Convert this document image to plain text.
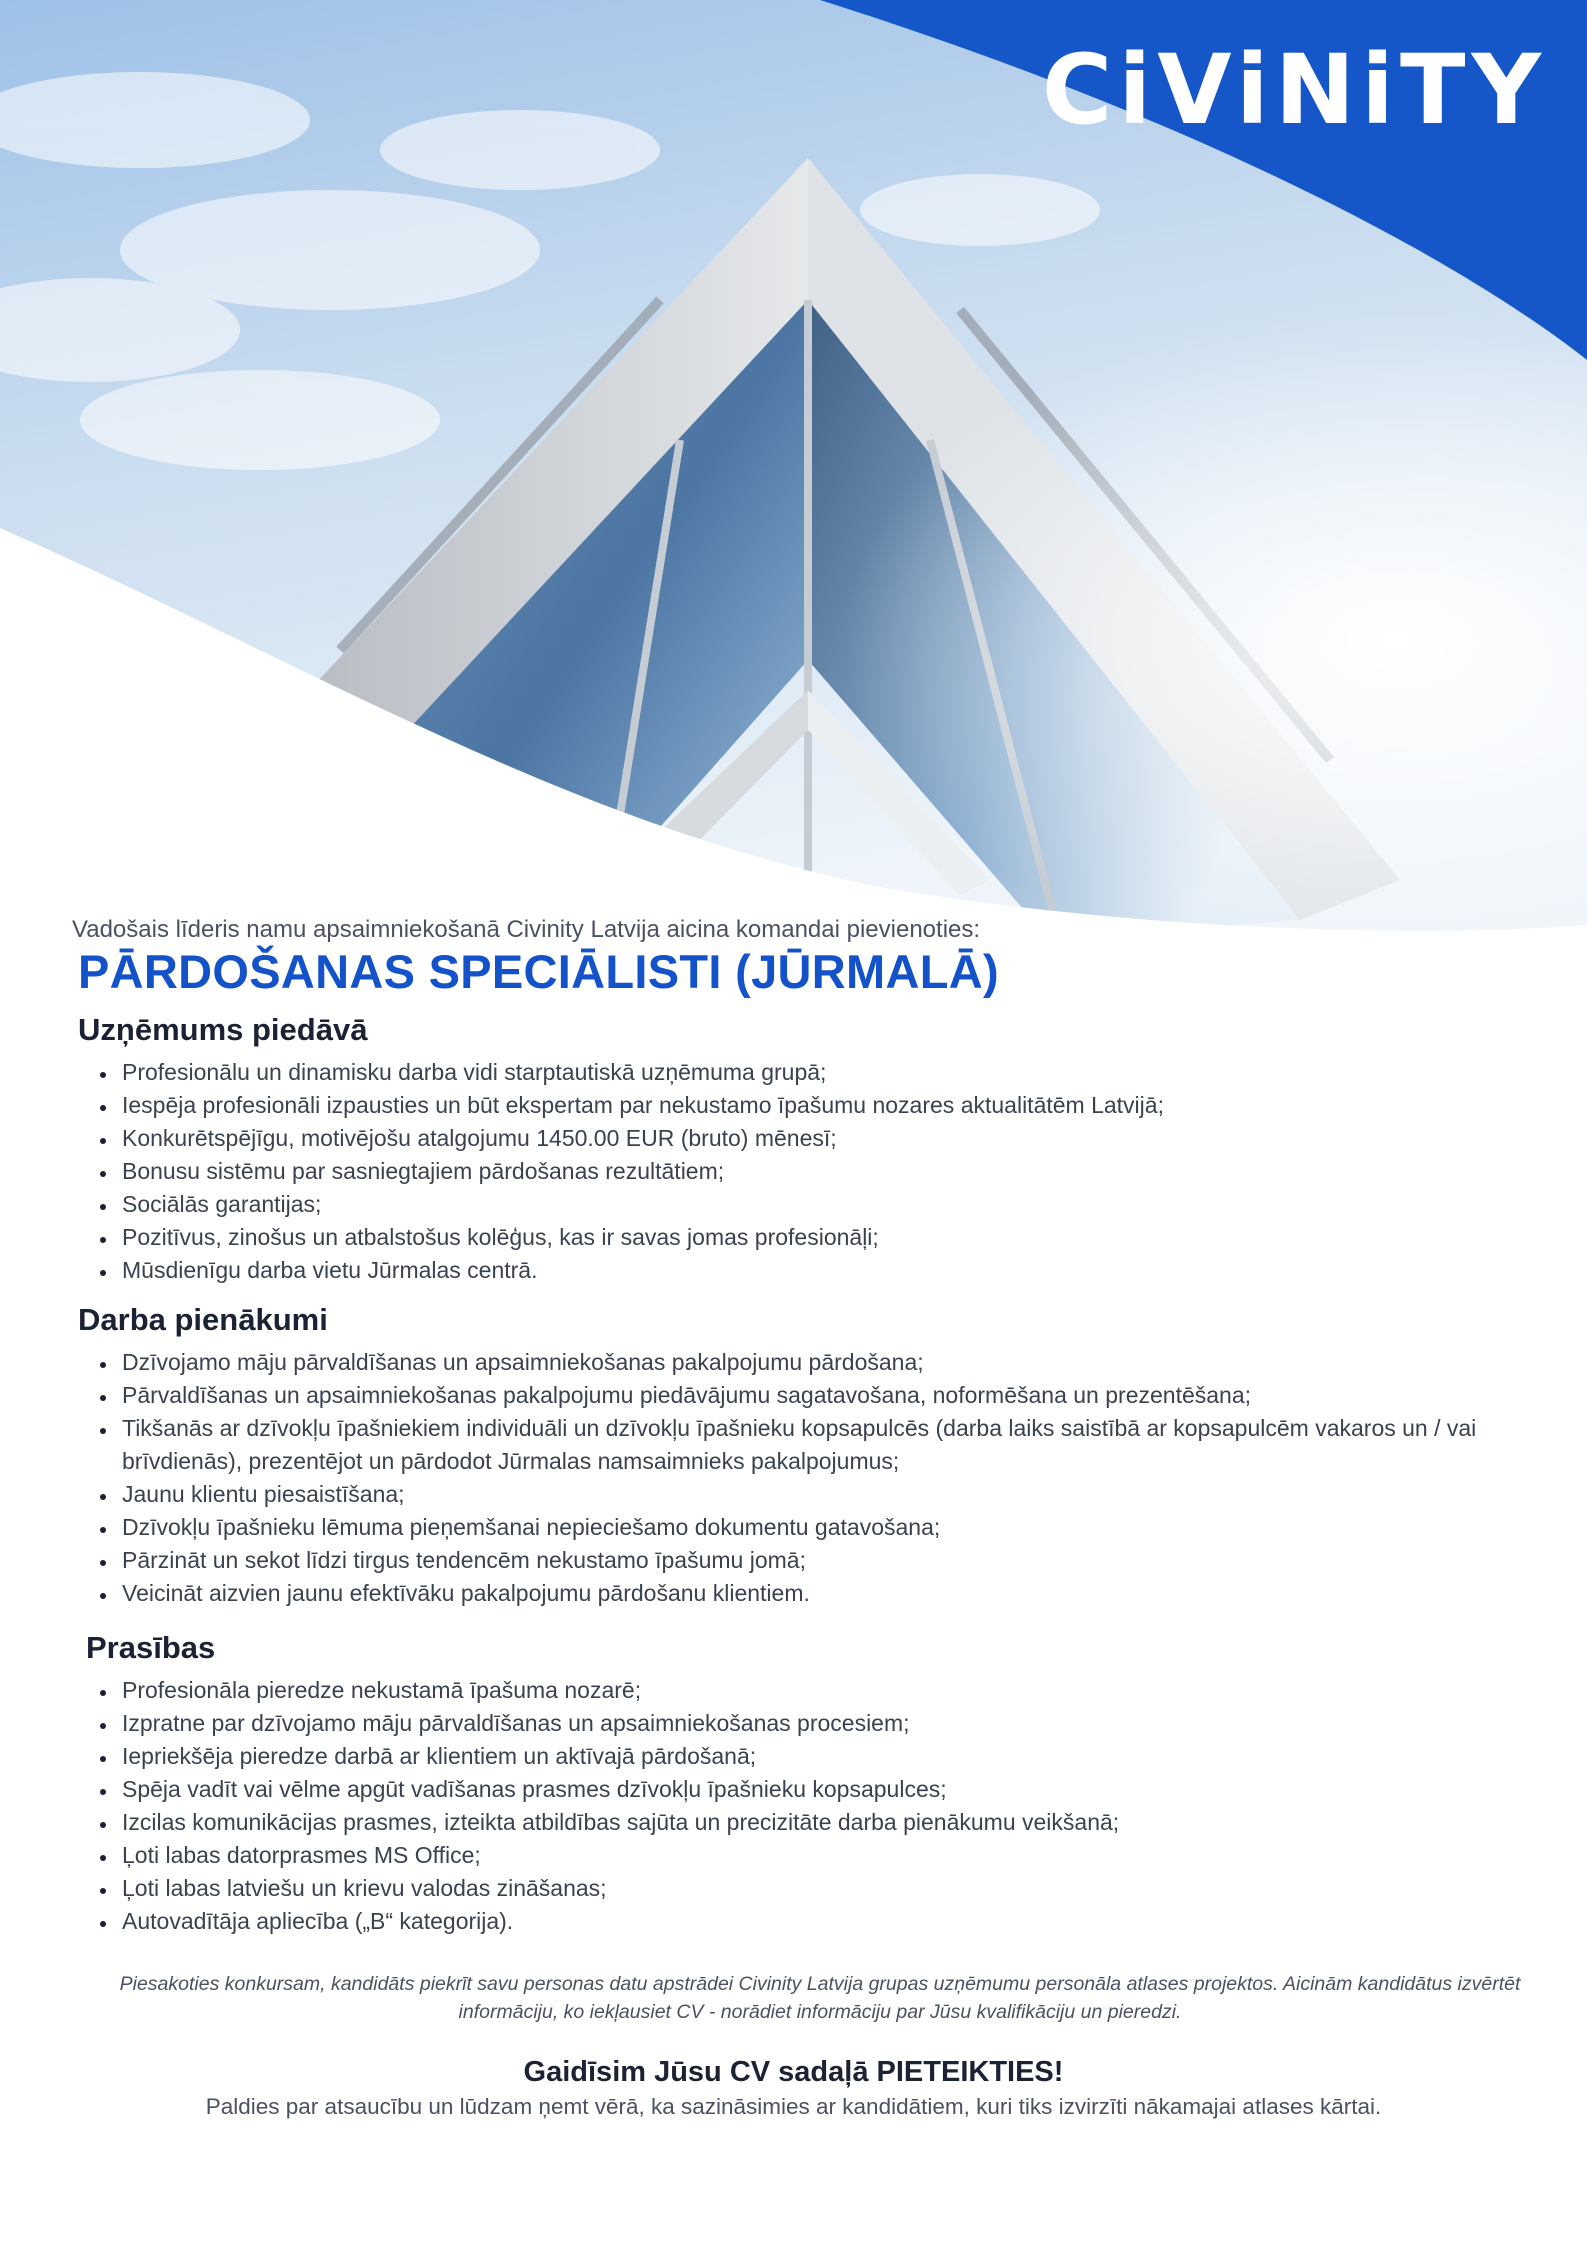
CiViNiTY

Vadošais līderis namu apsaimniekošanā Civinity Latvija aicina komandai pievienoties:

PĀRDOŠANAS SPECIĀLISTI (JŪRMALĀ)
Uzņēmums piedāvā
• Profesionālu un dinamisku darba vidi starptautiskā uzņēmuma grupā;
• Iespēja profesionāli izpausties un būt ekspertam par nekustamo īpašumu nozares aktualitātēm Latvijā;
• Konkurētspējīgu, motivējošu atalgojumu 1450.00 EUR (bruto) mēnesī;
• Bonusu sistēmu par sasniegtajiem pārdošanas rezultātiem;
• Sociālās garantijas;
• Pozitīvus, zinošus un atbalstošus kolēģus, kas ir savas jomas profesionāļi;
• Mūsdienīgu darba vietu Jūrmalas centrā.
Darba pienākumi
• Dzīvojamo māju pārvaldīšanas un apsaimniekošanas pakalpojumu pārdošana;
• Pārvaldīšanas un apsaimniekošanas pakalpojumu piedāvājumu sagatavošana, noformēšana un prezentēšana;
• Tikšanās ar dzīvokļu īpašniekiem individuāli un dzīvokļu īpašnieku kopsapulcēs (darba laiks saistībā ar kopsapulcēm vakaros un / vai brīvdienās), prezentējot un pārdodot Jūrmalas namsaimnieks pakalpojumus;
• Jaunu klientu piesaistīšana;
• Dzīvokļu īpašnieku lēmuma pieņemšanai nepieciešamo dokumentu gatavošana;
• Pārzināt un sekot līdzi tirgus tendencēm nekustamo īpašumu jomā;
• Veicināt aizvien jaunu efektīvāku pakalpojumu pārdošanu klientiem.
Prasības
• Profesionāla pieredze nekustamā īpašuma nozarē;
• Izpratne par dzīvojamo māju pārvaldīšanas un apsaimniekošanas procesiem;
• Iepriekšēja pieredze darbā ar klientiem un aktīvajā pārdošanā;
• Spēja vadīt vai vēlme apgūt vadīšanas prasmes dzīvokļu īpašnieku kopsapulces;
• Izcilas komunikācijas prasmes, izteikta atbildības sajūta un precizitāte darba pienākumu veikšanā;
• Ļoti labas datorprasmes MS Office;
• Ļoti labas latviešu un krievu valodas zināšanas;
• Autovadītāja apliecība („B“ kategorija).

Piesakoties konkursam, kandidāts piekrīt savu personas datu apstrādei Civinity Latvija grupas uzņēmumu personāla atlases projektos. Aicinām kandidātus izvērtēt informāciju, ko iekļausiet CV - norādiet informāciju par Jūsu kvalifikāciju un pieredzi.

Gaidīsim Jūsu CV sadaļā PIETEIKTIES!

Paldies par atsaucību un lūdzam ņemt vērā, ka sazināsimies ar kandidātiem, kuri tiks izvirzīti nākamajai atlases kārtai.
